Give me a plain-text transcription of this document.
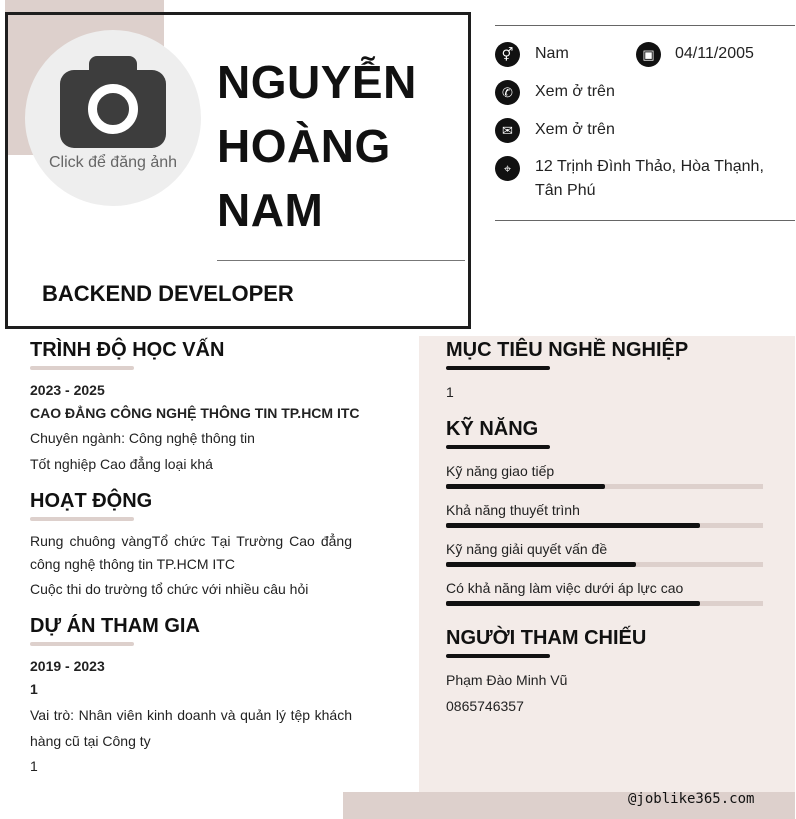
Click để đăng ảnh
NGUYỄN HOÀNG NAM
BACKEND DEVELOPER
⚥	Nam	▣	04/11/2005
✆	Xem ở trên
✉	Xem ở trên
⌖	12 Trịnh Đình Thảo, Hòa Thạnh, Tân Phú
TRÌNH ĐỘ HỌC VẤN
2023 - 2025
CAO ĐẲNG CÔNG NGHỆ THÔNG TIN TP.HCM ITC
Chuyên ngành: Công nghệ thông tin
Tốt nghiệp Cao đẳng loại khá
HOẠT ĐỘNG
Rung chuông vàngTổ chức Tại Trường Cao đẳng công nghệ thông tin TP.HCM ITC
Cuộc thi do trường tổ chức với nhiều câu hỏi
DỰ ÁN THAM GIA
2019 - 2023
1
Vai trò: Nhân viên kinh doanh và quản lý tệp khách hàng cũ tại Công ty
1
MỤC TIÊU NGHỀ NGHIỆP
1
KỸ NĂNG
Kỹ năng giao tiếp
Khả năng thuyết trình
Kỹ năng giải quyết vấn đề
Có khả năng làm việc dưới áp lực cao
NGƯỜI THAM CHIẾU
Phạm Đào Minh Vũ
0865746357
@joblike365.com
